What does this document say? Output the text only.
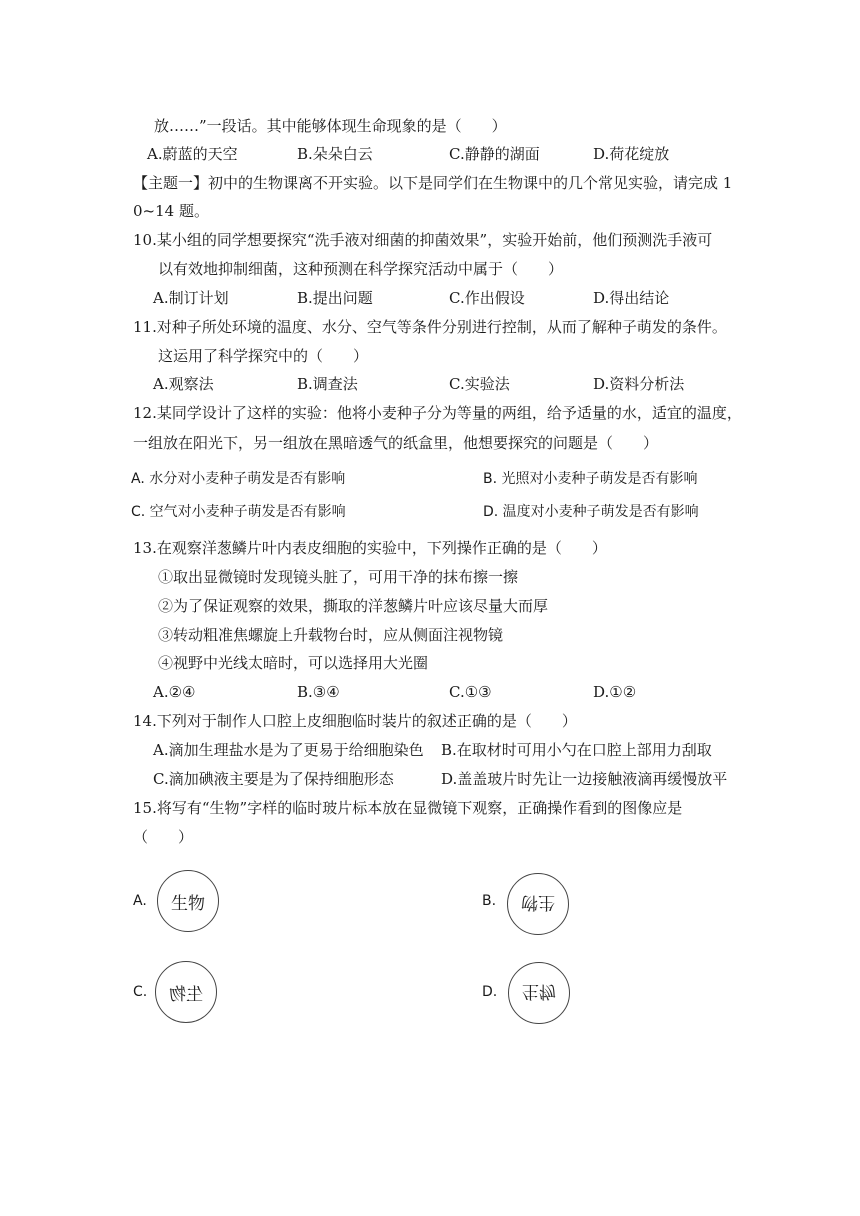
放……”一段话。其中能够体现生命现象的是（　　）
A.蔚蓝的天空	B.朵朵白云	C.静静的湖面	D.荷花绽放
【主题一】初中的生物课离不开实验。以下是同学们在生物课中的几个常见实验，请完成 1
0~14 题。
10.某小组的同学想要探究“洗手液对细菌的抑菌效果”，实验开始前，他们预测洗手液可
以有效地抑制细菌，这种预测在科学探究活动中属于（　　）
A.制订计划	B.提出问题	C.作出假设	D.得出结论
11.对种子所处环境的温度、水分、空气等条件分别进行控制，从而了解种子萌发的条件。
这运用了科学探究中的（　　）
A.观察法	B.调查法	C.实验法	D.资料分析法
12.某同学设计了这样的实验：他将小麦种子分为等量的两组，给予适量的水，适宜的温度，
一组放在阳光下，另一组放在黑暗透气的纸盒里，他想要探究的问题是（　　）
A. 水分对小麦种子萌发是否有影响	B. 光照对小麦种子萌发是否有影响
C. 空气对小麦种子萌发是否有影响	D. 温度对小麦种子萌发是否有影响
13.在观察洋葱鳞片叶内表皮细胞的实验中，下列操作正确的是（　　）
①取出显微镜时发现镜头脏了，可用干净的抹布擦一擦
②为了保证观察的效果，撕取的洋葱鳞片叶应该尽量大而厚
③转动粗准焦螺旋上升载物台时，应从侧面注视物镜
④视野中光线太暗时，可以选择用大光圈
A.②④	B.③④	C.①③	D.①②
14.下列对于制作人口腔上皮细胞临时装片的叙述正确的是（　　）
A.滴加生理盐水是为了更易于给细胞染色 B.在取材时可用小勺在口腔上部用力刮取
C.滴加碘液主要是为了保持细胞形态	D.盖盖玻片时先让一边接触液滴再缓慢放平
15.将写有“生物”字样的临时玻片标本放在显微镜下观察，正确操作看到的图像应是
（　　）
A. 生物	B. 生物
C. 生物	D. 生物
